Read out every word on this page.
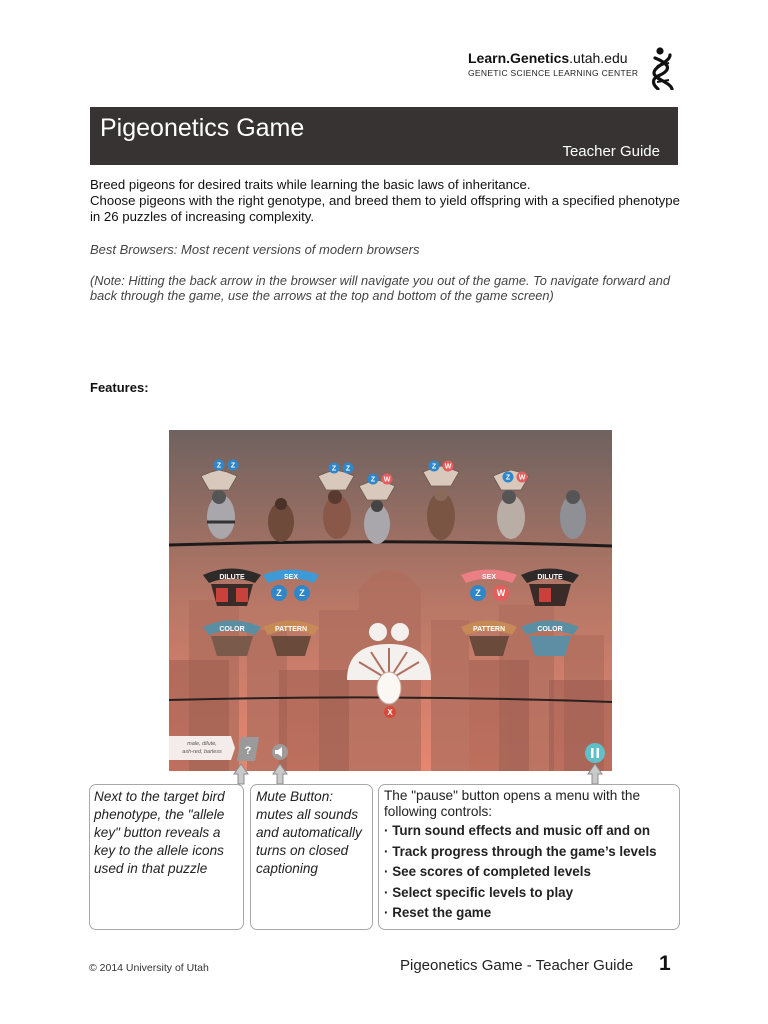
Learn.Genetics.utah.edu
GENETIC SCIENCE LEARNING CENTER
Pigeonetics Game
Teacher Guide

Breed pigeons for desired traits while learning the basic laws of inheritance.

Choose pigeons with the right genotype, and breed them to yield offspring with a specified phenotype in 26 puzzles of increasing complexity.

Best Browsers: Most recent versions of modern browsers
(Note: Hitting the back arrow in the browser will navigate you out of the game. To navigate forward and back through the game, use the arrows at the top and bottom of the game screen)
Features:
Z Z	Z Z
Z W
Z W
Z W
DILUTE	SEX
Z Z
COLOR	PATTERN
SEX
Z W
DILUTE
PATTERN	COLOR
X
male, dilute,
ash-red, barless ?
Next to the target bird phenotype, the "allele key" button reveals a key to the allele icons used in that puzzle
Mute Button: mutes all sounds and automatically turns on closed captioning

The "pause" button opens a menu with the following controls:

· Turn sound effects and music off and on
· Track progress through the game’s levels
· See scores of completed levels
· Select specific levels to play
· Reset the game
© 2014 University of Utah	Pigeonetics Game - Teacher Guide 1
